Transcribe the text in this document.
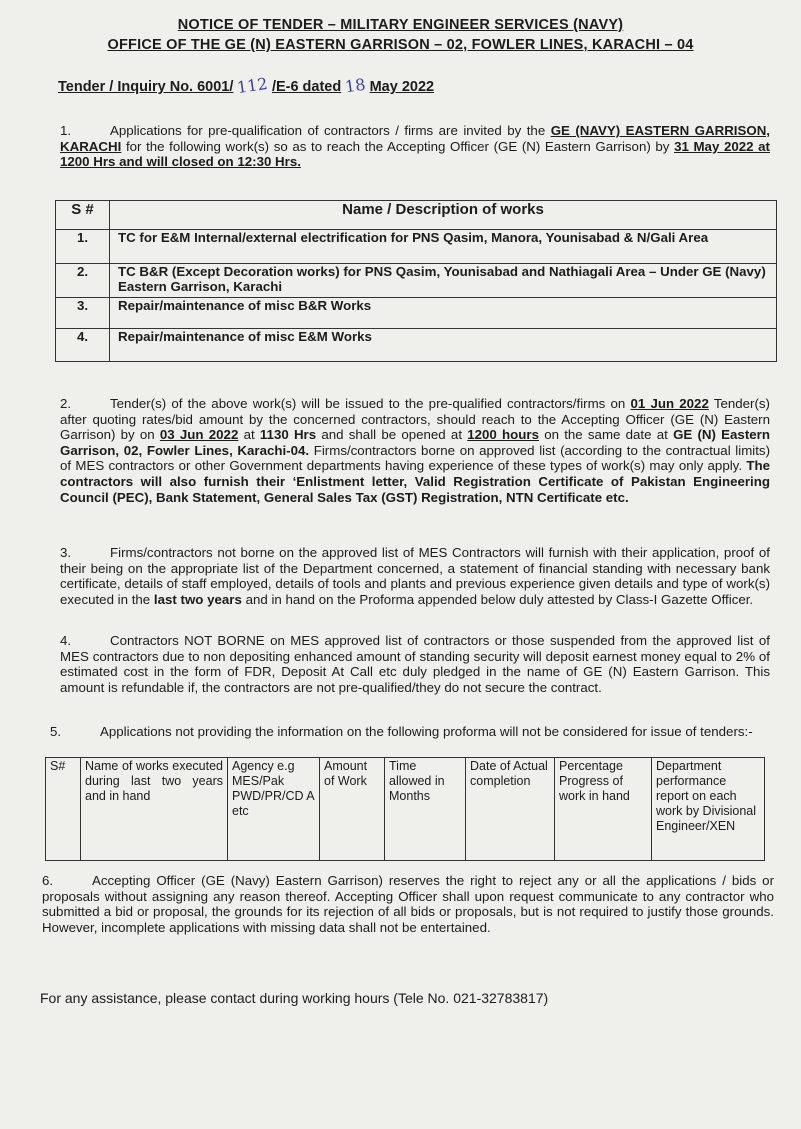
NOTICE OF TENDER – MILITARY ENGINEER SERVICES (NAVY)
OFFICE OF THE GE (N) EASTERN GARRISON – 02, FOWLER LINES, KARACHI – 04
Tender / Inquiry No. 6001/ 112 /E-6 dated 18 May 2022
1.	Applications for pre-qualification of contractors / firms are invited by the GE (NAVY) EASTERN GARRISON, KARACHI for the following work(s) so as to reach the Accepting Officer (GE (N) Eastern Garrison) by 31 May 2022 at 1200 Hrs and will closed on 12:30 Hrs.
S #	Name / Description of works
1.	TC for E&M Internal/external electrification for PNS Qasim, Manora, Younisabad & N/Gali Area
2.	TC B&R (Except Decoration works) for PNS Qasim, Younisabad and Nathiagali Area – Under GE (Navy) Eastern Garrison, Karachi
3.	Repair/maintenance of misc B&R Works
4.	Repair/maintenance of misc E&M Works
2.	Tender(s) of the above work(s) will be issued to the pre-qualified contractors/firms on 01 Jun 2022 Tender(s) after quoting rates/bid amount by the concerned contractors, should reach to the Accepting Officer (GE (N) Eastern Garrison) by on 03 Jun 2022 at 1130 Hrs and shall be opened at 1200 hours on the same date at GE (N) Eastern Garrison, 02, Fowler Lines, Karachi-04. Firms/contractors borne on approved list (according to the contractual limits) of MES contractors or other Government departments having experience of these types of work(s) may only apply. The contractors will also furnish their ‘Enlistment letter, Valid Registration Certificate of Pakistan Engineering Council (PEC), Bank Statement, General Sales Tax (GST) Registration, NTN Certificate etc.
3.	Firms/contractors not borne on the approved list of MES Contractors will furnish with their application, proof of their being on the appropriate list of the Department concerned, a statement of financial standing with necessary bank certificate, details of staff employed, details of tools and plants and previous experience given details and type of work(s) executed in the last two years and in hand on the Proforma appended below duly attested by Class-I Gazette Officer.
4.	Contractors NOT BORNE on MES approved list of contractors or those suspended from the approved list of MES contractors due to non depositing enhanced amount of standing security will deposit earnest money equal to 2% of estimated cost in the form of FDR, Deposit At Call etc duly pledged in the name of GE (N) Eastern Garrison. This amount is refundable if, the contractors are not pre-qualified/they do not secure the contract.
5.	Applications not providing the information on the following proforma will not be considered for issue of tenders:-
S#	Name of works executed during last two years and in hand	Agency e.g MES/Pak PWD/PR/CD A etc	Amount of Work	Time allowed in Months	Date of Actual completion	Percentage Progress of work in hand	Department performance report on each work by Divisional Engineer/XEN
6.	Accepting Officer (GE (Navy) Eastern Garrison) reserves the right to reject any or all the applications / bids or proposals without assigning any reason thereof. Accepting Officer shall upon request communicate to any contractor who submitted a bid or proposal, the grounds for its rejection of all bids or proposals, but is not required to justify those grounds. However, incomplete applications with missing data shall not be entertained.
For any assistance, please contact during working hours (Tele No. 021-32783817)
